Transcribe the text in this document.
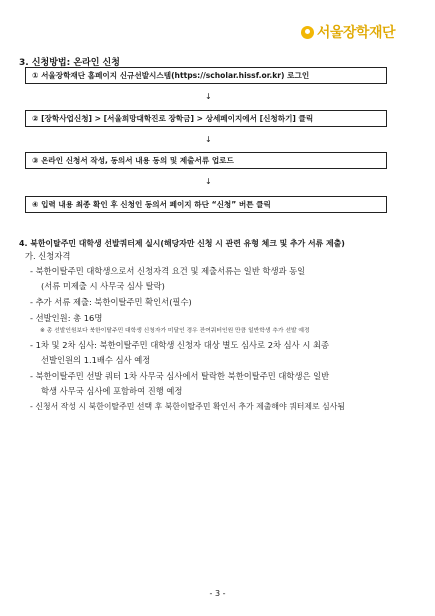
서울장학재단
3. 신청방법: 온라인 신청
① 서울장학재단 홈페이지 신규선발시스템(https://scholar.hissf.or.kr) 로그인
↓
② [장학사업신청] > [서울희망대학진로 장학금] > 상세페이지에서 [신청하기] 클릭
↓
③ 온라인 신청서 작성, 동의서 내용 동의 및 제출서류 업로드
↓
④ 입력 내용 최종 확인 후 신청인 동의서 페이지 하단 “신청” 버튼 클릭
4. 북한이탈주민 대학생 선발쿼터제 실시(해당자만 신청 시 관련 유형 체크 및 추가 서류 제출)
가. 신청자격
- 북한이탈주민 대학생으로서 신청자격 요건 및 제출서류는 일반 학생과 동일
(서류 미제출 시 사무국 심사 탈락)
- 추가 서류 제출: 북한이탈주민 확인서(필수)
- 선발인원: 총 16명
※ 총 선발인원보다 북한이탈주민 대학생 신청자가 미달인 경우 잔여쿼터인원 만큼 일반학생 추가 선발 예정
- 1차 및 2차 심사: 북한이탈주민 대학생 신청자 대상 별도 심사로 2차 심사 시 최종
선발인원의 1.1배수 심사 예정
- 북한이탈주민 선발 쿼터 1차 사무국 심사에서 탈락한 북한이탈주민 대학생은 일반
학생 사무국 심사에 포함하여 진행 예정
- 신청서 작성 시 북한이탈주민 선택 후 북한이탈주민 확인서 추가 제출해야 쿼터제로 심사됨
- 3 -
